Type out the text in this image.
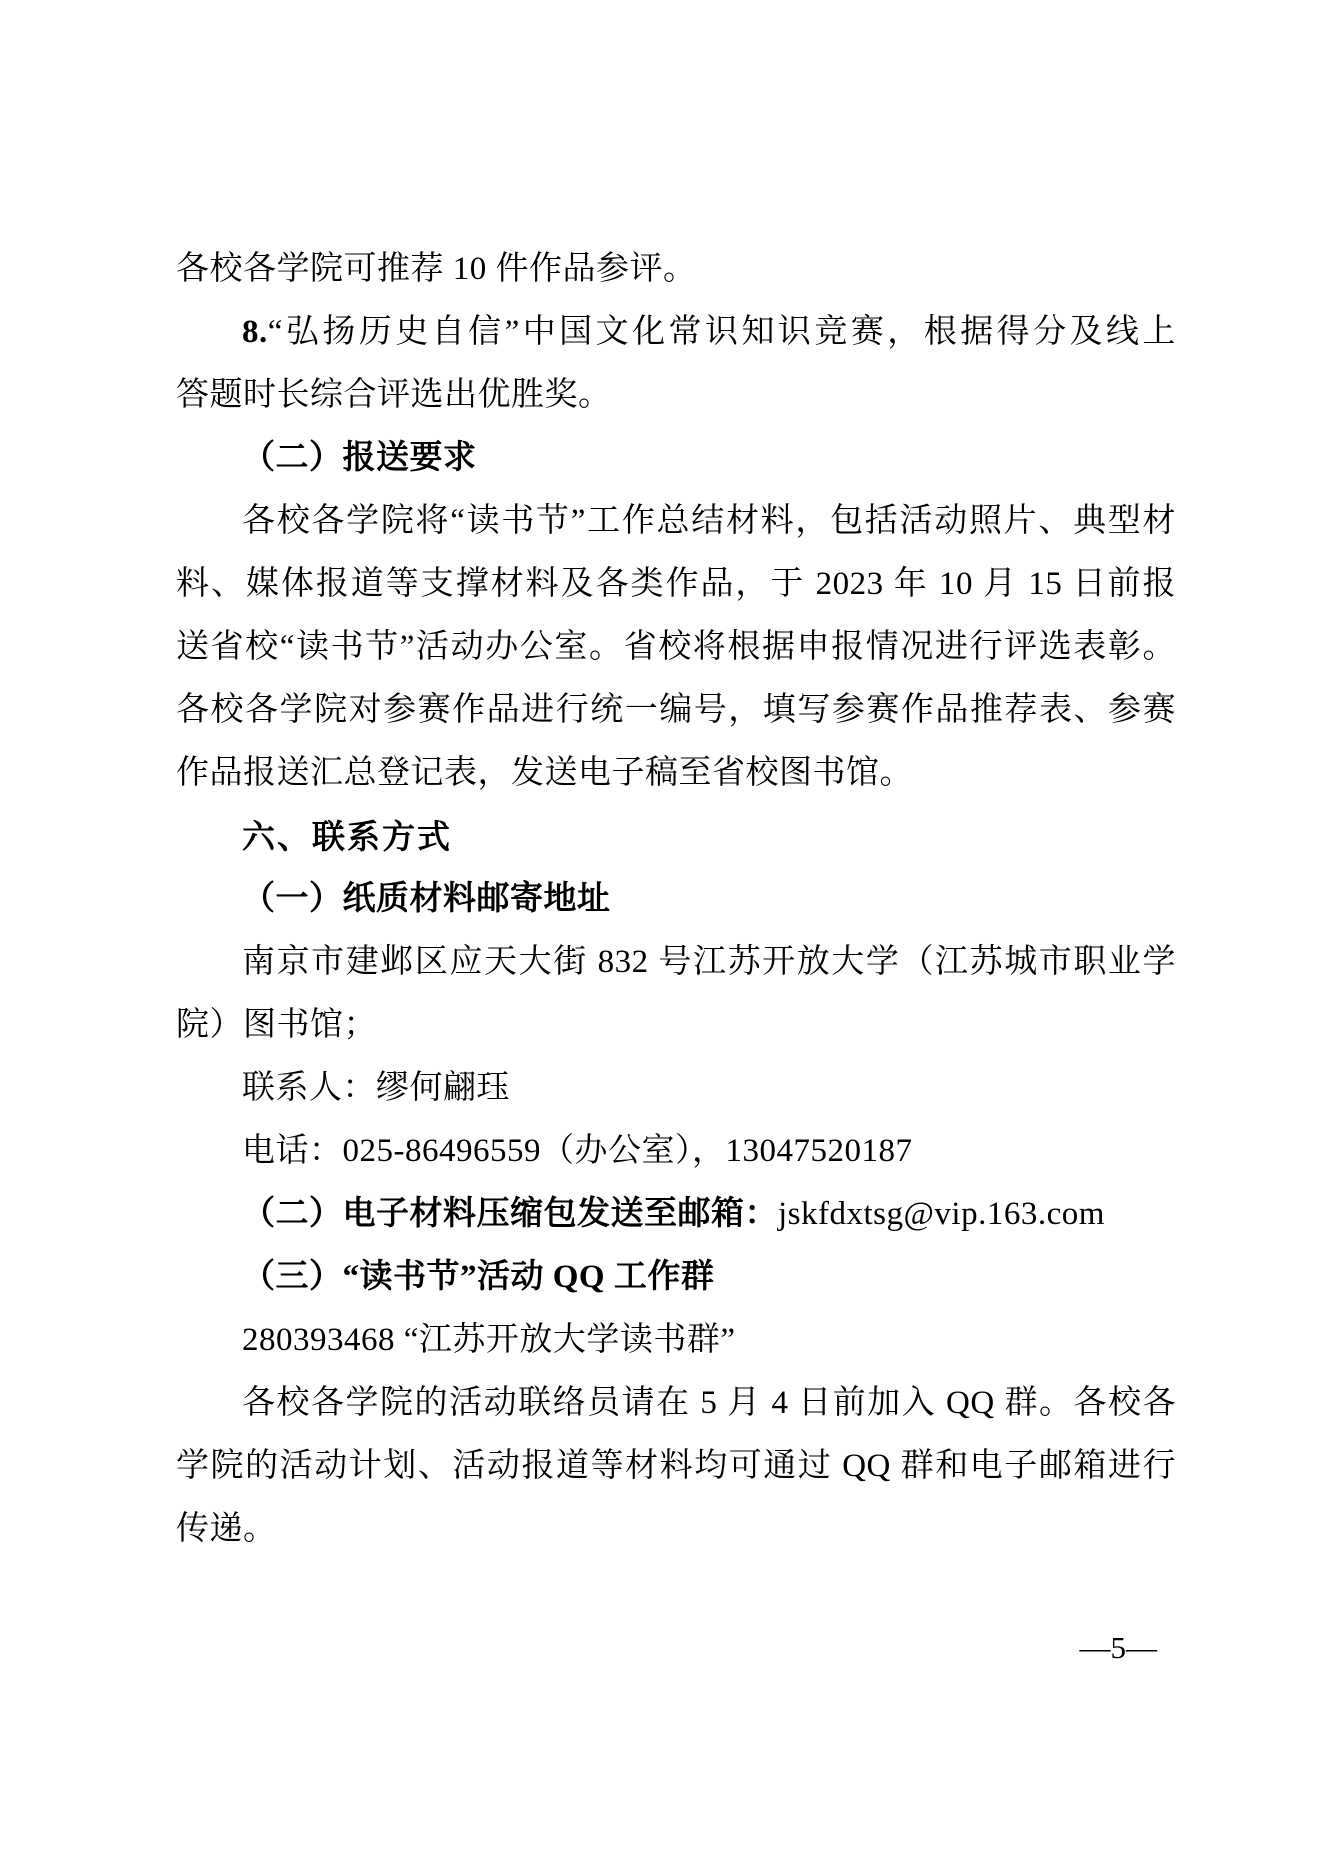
各校各学院可推荐 10 件作品参评。
8.“弘扬历史自信”中国文化常识知识竞赛，根据得分及线上
答题时长综合评选出优胜奖。
（二）报送要求
各校各学院将“读书节”工作总结材料，包括活动照片、典型材
料、媒体报道等支撑材料及各类作品，于 2023 年 10 月 15 日前报
送省校“读书节”活动办公室。省校将根据申报情况进行评选表彰。
各校各学院对参赛作品进行统一编号，填写参赛作品推荐表、参赛
作品报送汇总登记表，发送电子稿至省校图书馆。
六、联系方式
（一）纸质材料邮寄地址
南京市建邺区应天大街 832 号江苏开放大学（江苏城市职业学
院）图书馆；
联系人：缪何翩珏
电话：025-86496559（办公室），13047520187
（二）电子材料压缩包发送至邮箱：jskfdxtsg@vip.163.com
（三）“读书节”活动 QQ 工作群
280393468 “江苏开放大学读书群”
各校各学院的活动联络员请在 5 月 4 日前加入 QQ 群。各校各
学院的活动计划、活动报道等材料均可通过 QQ 群和电子邮箱进行
传递。
—5—
